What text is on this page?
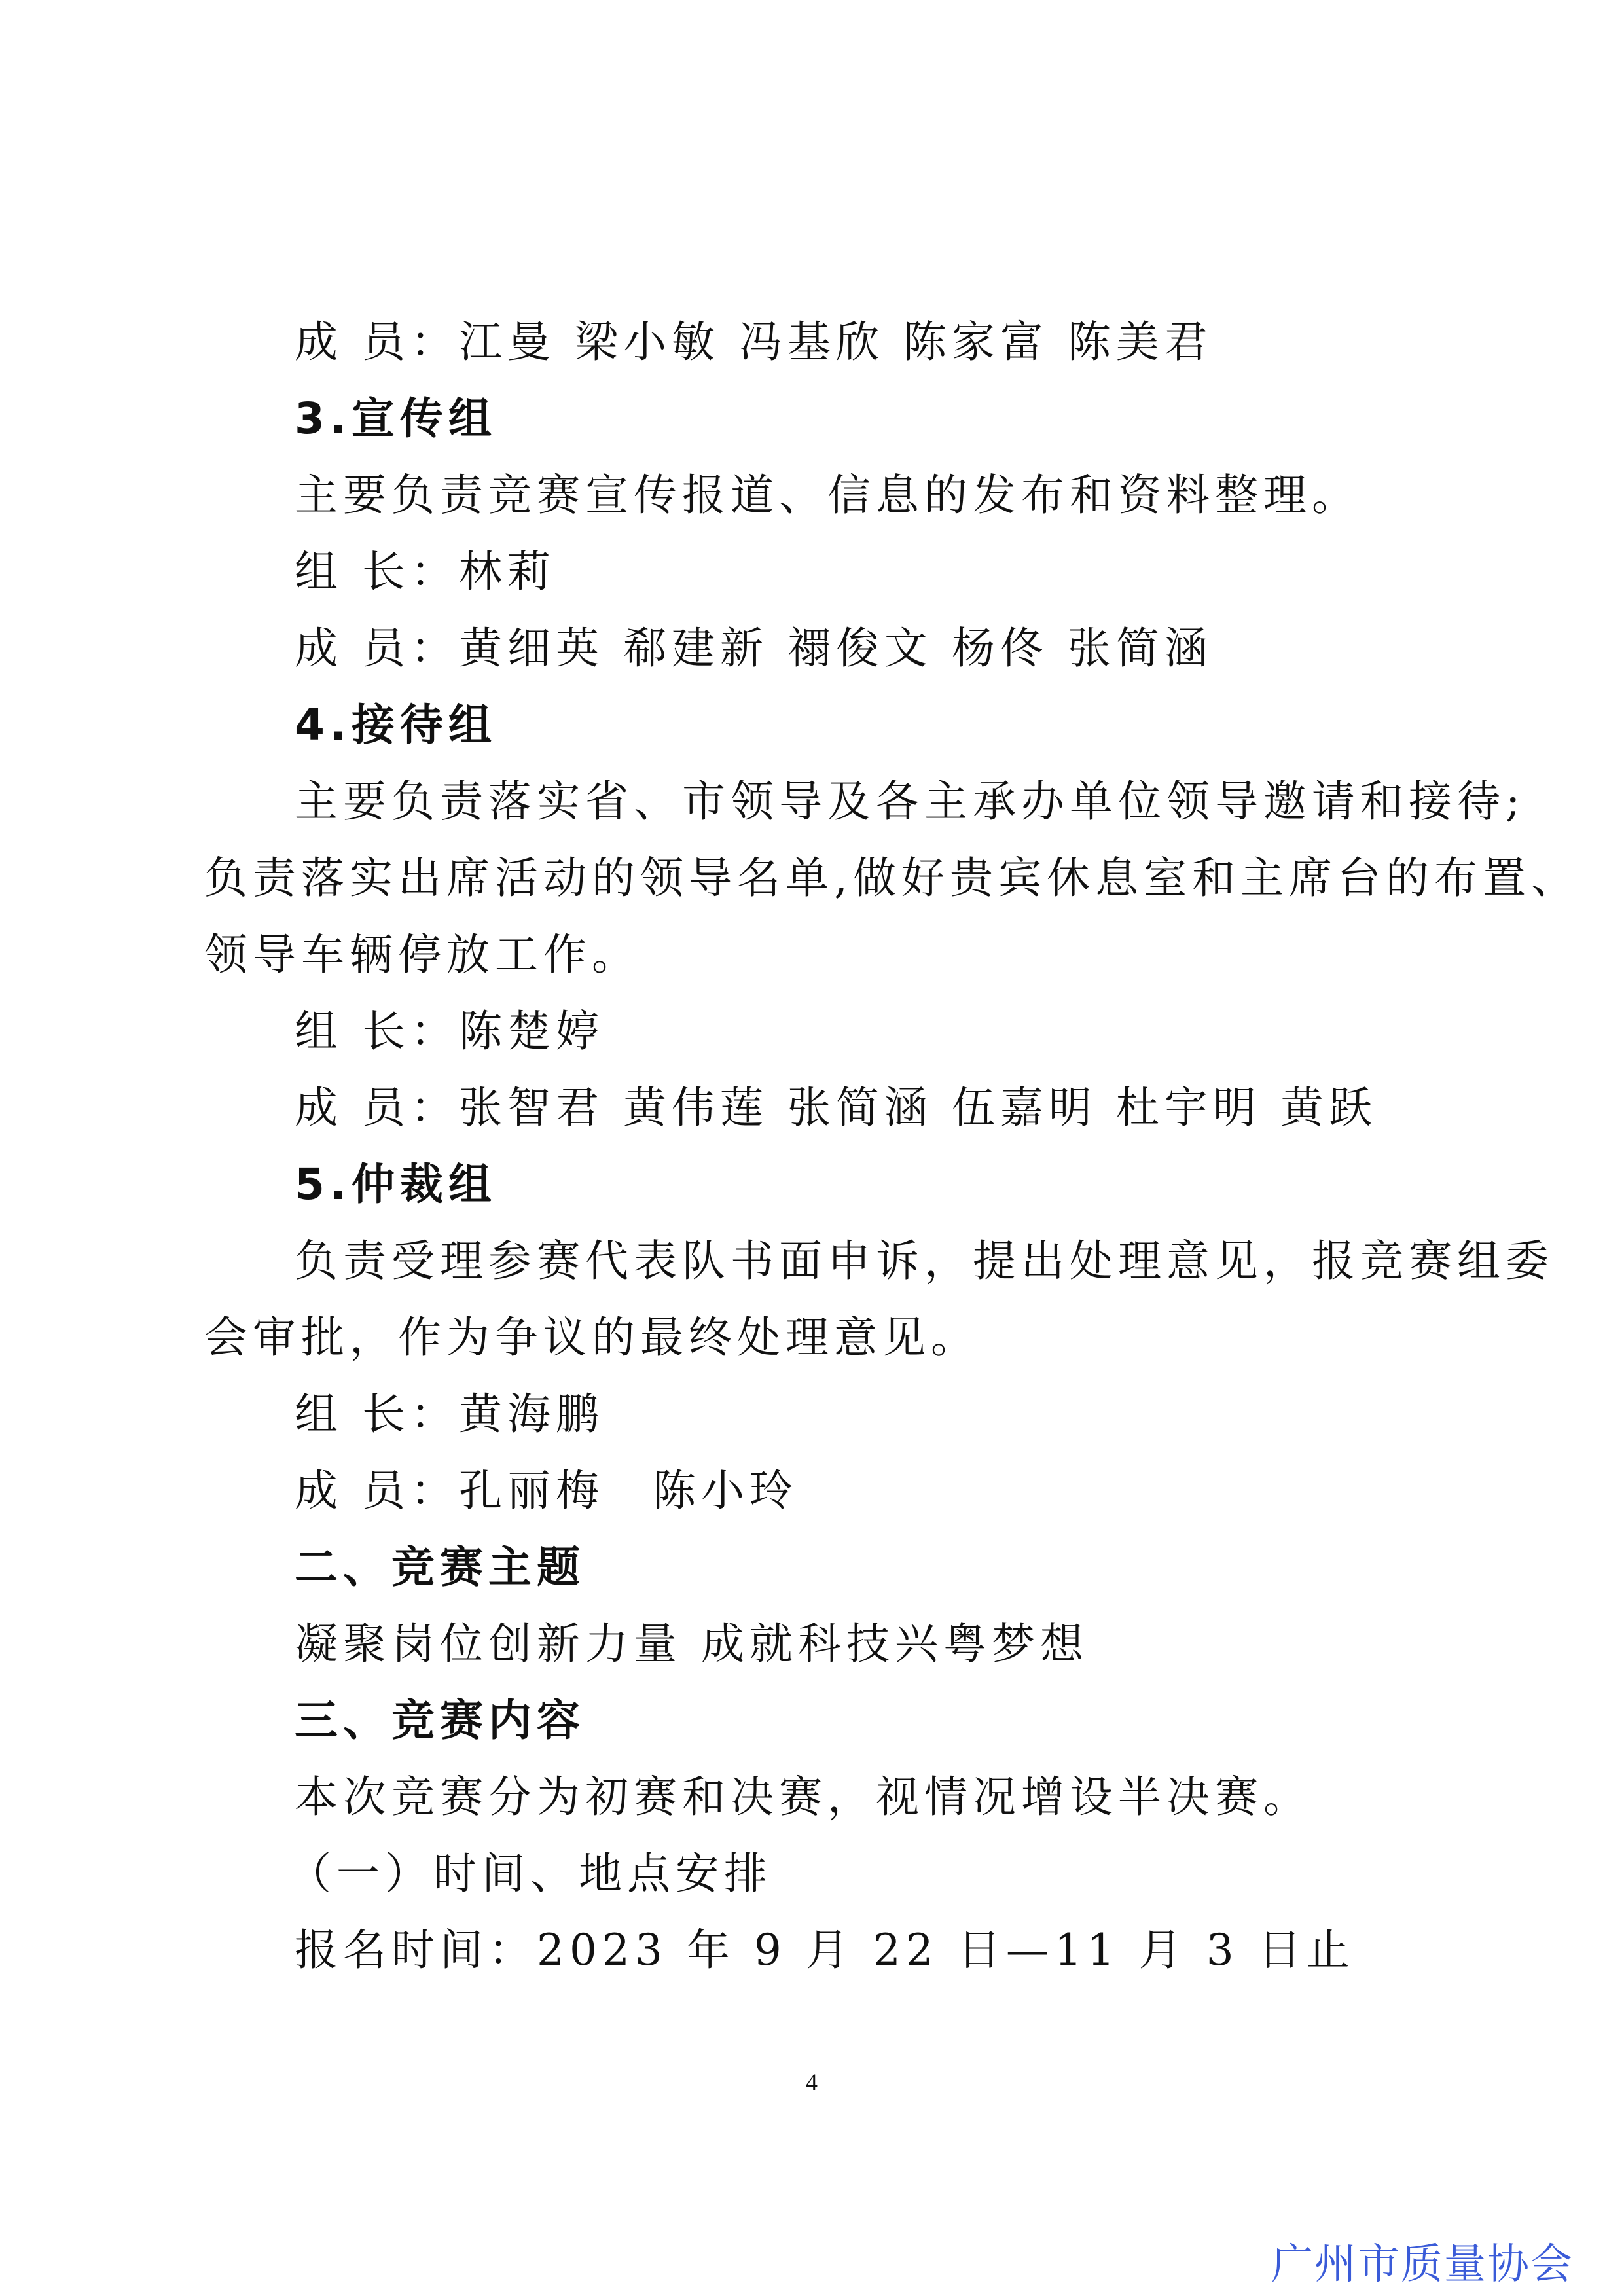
成 员：江曼 梁小敏 冯基欣 陈家富 陈美君
3.宣传组
主要负责竞赛宣传报道、信息的发布和资料整理。
组 长：林莉
成 员：黄细英 郗建新 禤俊文 杨佟 张简涵
4.接待组
主要负责落实省、市领导及各主承办单位领导邀请和接待;
负责落实出席活动的领导名单,做好贵宾休息室和主席台的布置、
领导车辆停放工作。
组 长：陈楚婷
成 员：张智君 黄伟莲 张简涵 伍嘉明 杜宇明 黄跃
5.仲裁组
负责受理参赛代表队书面申诉，提出处理意见，报竞赛组委
会审批，作为争议的最终处理意见。
组 长：黄海鹏
成 员：孔丽梅　陈小玲
二、竞赛主题
凝聚岗位创新力量 成就科技兴粤梦想
三、竞赛内容
本次竞赛分为初赛和决赛，视情况增设半决赛。
（一）时间、地点安排
报名时间：2023 年 9 月 22 日—11 月 3 日止
4
广州市质量协会
